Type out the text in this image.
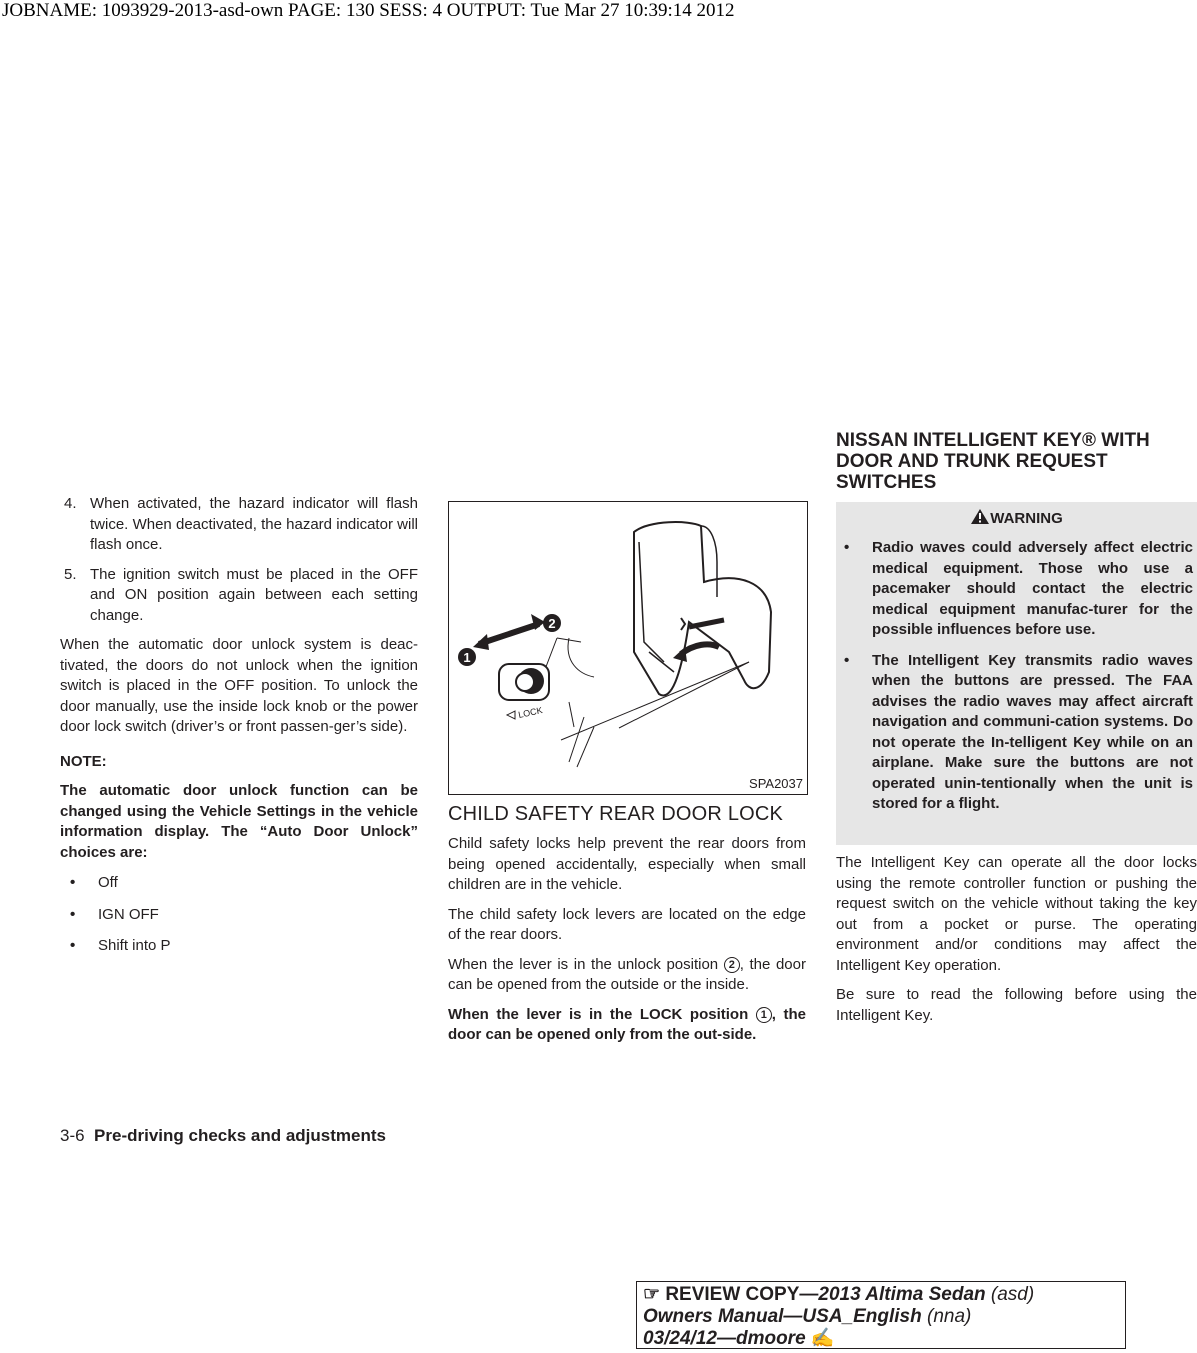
JOBNAME: 1093929-2013-asd-own PAGE: 130 SESS: 4 OUTPUT: Tue Mar 27 10:39:14 2012
4. When activated, the hazard indicator will flash twice. When deactivated, the hazard indicator will flash once.
5. The ignition switch must be placed in the OFF and ON position again between each setting change.

When the automatic door unlock system is deac-tivated, the doors do not unlock when the ignition switch is placed in the OFF position. To unlock the door manually, use the inside lock knob or the power door lock switch (driver’s or front passen-ger’s side).

NOTE:

The automatic door unlock function can be changed using the Vehicle Settings in the vehicle information display. The “Auto Door Unlock” choices are:

•	Off
•	IGN OFF
•	Shift into P
1
2
LOCK
SPA2037
CHILD SAFETY REAR DOOR LOCK

Child safety locks help prevent the rear doors from being opened accidentally, especially when small children are in the vehicle.

The child safety lock levers are located on the edge of the rear doors.

When the lever is in the unlock position 2 , the door can be opened from the outside or the inside.

When the lever is in the LOCK position 1 , the door can be opened only from the out-side.

NISSAN INTELLIGENT KEY® WITH
DOOR AND TRUNK REQUEST
SWITCHES
WARNING
•	Radio waves could adversely affect electric medical equipment. Those who use a pacemaker should contact the electric medical equipment manufac-turer for the possible influences before use.
•	The Intelligent Key transmits radio waves when the buttons are pressed. The FAA advises the radio waves may affect aircraft navigation and communi-cation systems. Do not operate the In-telligent Key while on an airplane. Make sure the buttons are not operated unin-tentionally when the unit is stored for a flight.

The Intelligent Key can operate all the door locks using the remote controller function or pushing the request switch on the vehicle without taking the key out from a pocket or purse. The operating environment and/or conditions may affect the Intelligent Key operation.

Be sure to read the following before using the Intelligent Key.

3-6 Pre-driving checks and adjustments
☞ REVIEW COPY—2013 Altima Sedan (asd)
Owners Manual—USA_English (nna)
03/24/12—dmoore ✍
